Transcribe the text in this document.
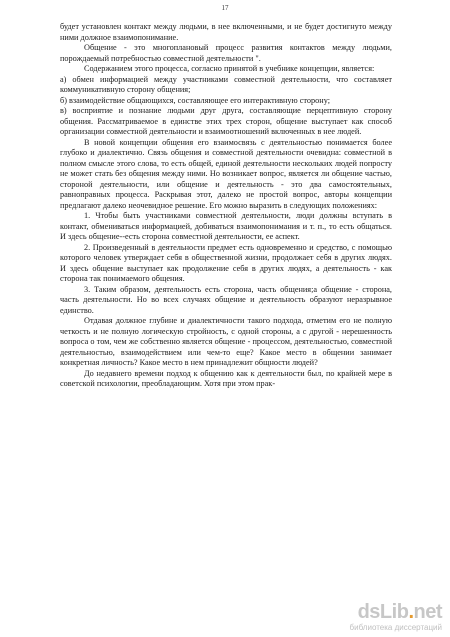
17

будет установлен контакт между людьми, в нее включенными, и не будет достигнуто между ними должное взаимопонимание.

Общение - это многоплановый процесс развития контактов между людьми, порождаемый потребностью совместной деятельности ".

Содержанием этого процесса, согласно принятой в учебнике концепции, является:

а) обмен информацией между участниками совместной деятельности, что составляет коммуникативную сторону общения;

б) взаимодействие общающихся, составляющее его интерактивную сторону;

в) восприятие и познание людьми друг друга, составляющие перцептивную сторону общения. Рассматриваемое в единстве этих трех сторон, общение выступает как способ организации совместной деятельности и взаимоотношений включенных в нее людей.

В новой концепции общения его взаимосвязь с деятельностью понимается более глубоко и диалектично. Связь общения и совместной деятельности очевидна: совместной в полном смысле этого слова, то есть общей, единой деятельности нескольких людей попросту не может стать без общения между ними. Но возникает вопрос, является ли общение частью, стороной деятельности, или общение и деятельность - это два самостоятельных, равноправных процесса. Раскрывая этот, далеко не простой вопрос, авторы концепции предлагают далеко неочевидное решение. Его можно выразить в следующих положениях:

1. Чтобы быть участниками совместной деятельности, люди должны вступать в контакт, обмениваться информацией, добиваться взаимопонимания и т. п., то есть общаться. И здесь общение--есть сторона совместной деятельности, ее аспект.

2. Произведенный в деятельности предмет есть одновременно и средство, с помощью которого человек утверждает себя в общественной жизни, продолжает себя в других людях. И здесь общение выступает как продолжение себя в других людях, а деятельность - как сторона так понимаемого общения.

3. Таким образом, деятельность есть сторона, часть общения;а общение - сторона, часть деятельности. Но во всех случаях общение и деятельность образуют неразрывное единство.

Отдавая должное глубине и диалектичности такого подхода, отметим его не полную четкость и не полную логическую стройность, с одной стороны, а с другой - нерешенность вопроса о том, чем же собственно является общение - процессом, деятельностью, совместной деятельностью, взаимодействием или чем-то еще? Какое место в общении занимает конкретная личность? Какое место в нем принадлежит общности людей?

До недавнего времени подход к общению как к деятельности был, по крайней мере в советской психологии, преобладающим. Хотя при этом прак-

dsLib.net
библиотека диссертаций
